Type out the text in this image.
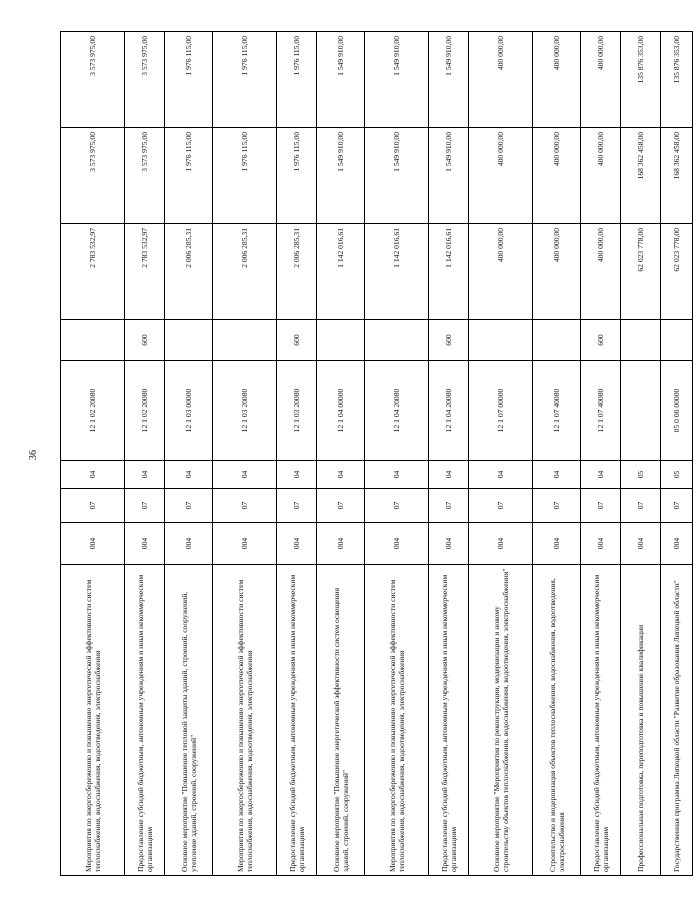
36
Мероприятия по энергосбережению и повышению энергетической эффективности систем теплоснабжения, водоснабжения, водоотведения, электроснабжения	004	07	04	12 1 02 20080		2 783 532,97	3 573 975,00	3 573 975,00
Предоставление субсидий бюджетным, автономным учреждениям и иным некоммерческим организациям	004	07	04	12 1 02 20080	600	2 783 532,97	3 573 975,00	3 573 975,00
Основное мероприятие "Повышение тепловой защиты зданий, строений, сооружений, утепление зданий, строений, сооружений"	004	07	04	12 1 03 00000		2 006 285,31	1 976 115,00	1 976 115,00
Мероприятия по энергосбережению и повышению энергетической эффективности систем теплоснабжения, водоснабжения, водоотведения, электроснабжения	004	07	04	12 1 03 20080		2 006 285,31	1 976 115,00	1 976 115,00
Предоставление субсидий бюджетным, автономным учреждениям и иным некоммерческим организациям	004	07	04	12 1 03 20080	600	2 006 285,31	1 976 115,00	1 976 115,00
Основное мероприятие "Повышение энергетической эффективности систем освещения зданий, строений, сооружений"	004	07	04	12 1 04 00000		1 142 016,61	1 549 910,00	1 549 910,00
Мероприятия по энергосбережению и повышению энергетической эффективности систем теплоснабжения, водоснабжения, водоотведения, электроснабжения	004	07	04	12 1 04 20080		1 142 016,61	1 549 910,00	1 549 910,00
Предоставление субсидий бюджетным, автономным учреждениям и иным некоммерческим организациям	004	07	04	12 1 04 20080	600	1 142 016,61	1 549 910,00	1 549 910,00
Основное мероприятие "Мероприятия по реконструкции, модернизации и новому строительству объектов теплоснабжения, водоснабжения, водоотведения, электроснабжения"	004	07	04	12 1 07 00000		400 000,00	400 000,00	400 000,00
Строительство и модернизация объектов теплоснабжения, водоснабжения, водоотведения, электроснабжения	004	07	04	12 1 07 40080		400 000,00	400 000,00	400 000,00
Предоставление субсидий бюджетным, автономным учреждениям и иным некоммерческим организациям	004	07	04	12 1 07 40080	600	400 000,00	400 000,00	400 000,00
Профессиональная подготовка, переподготовка и повышение квалификации	004	07	05			62 023 778,00	168 362 458,00	135 876 353,00
Государственная программа Липецкой области "Развитие образования Липецкой области"	004	07	05	05 0 00 00000		62 023 778,00	168 362 458,00	135 876 353,00
